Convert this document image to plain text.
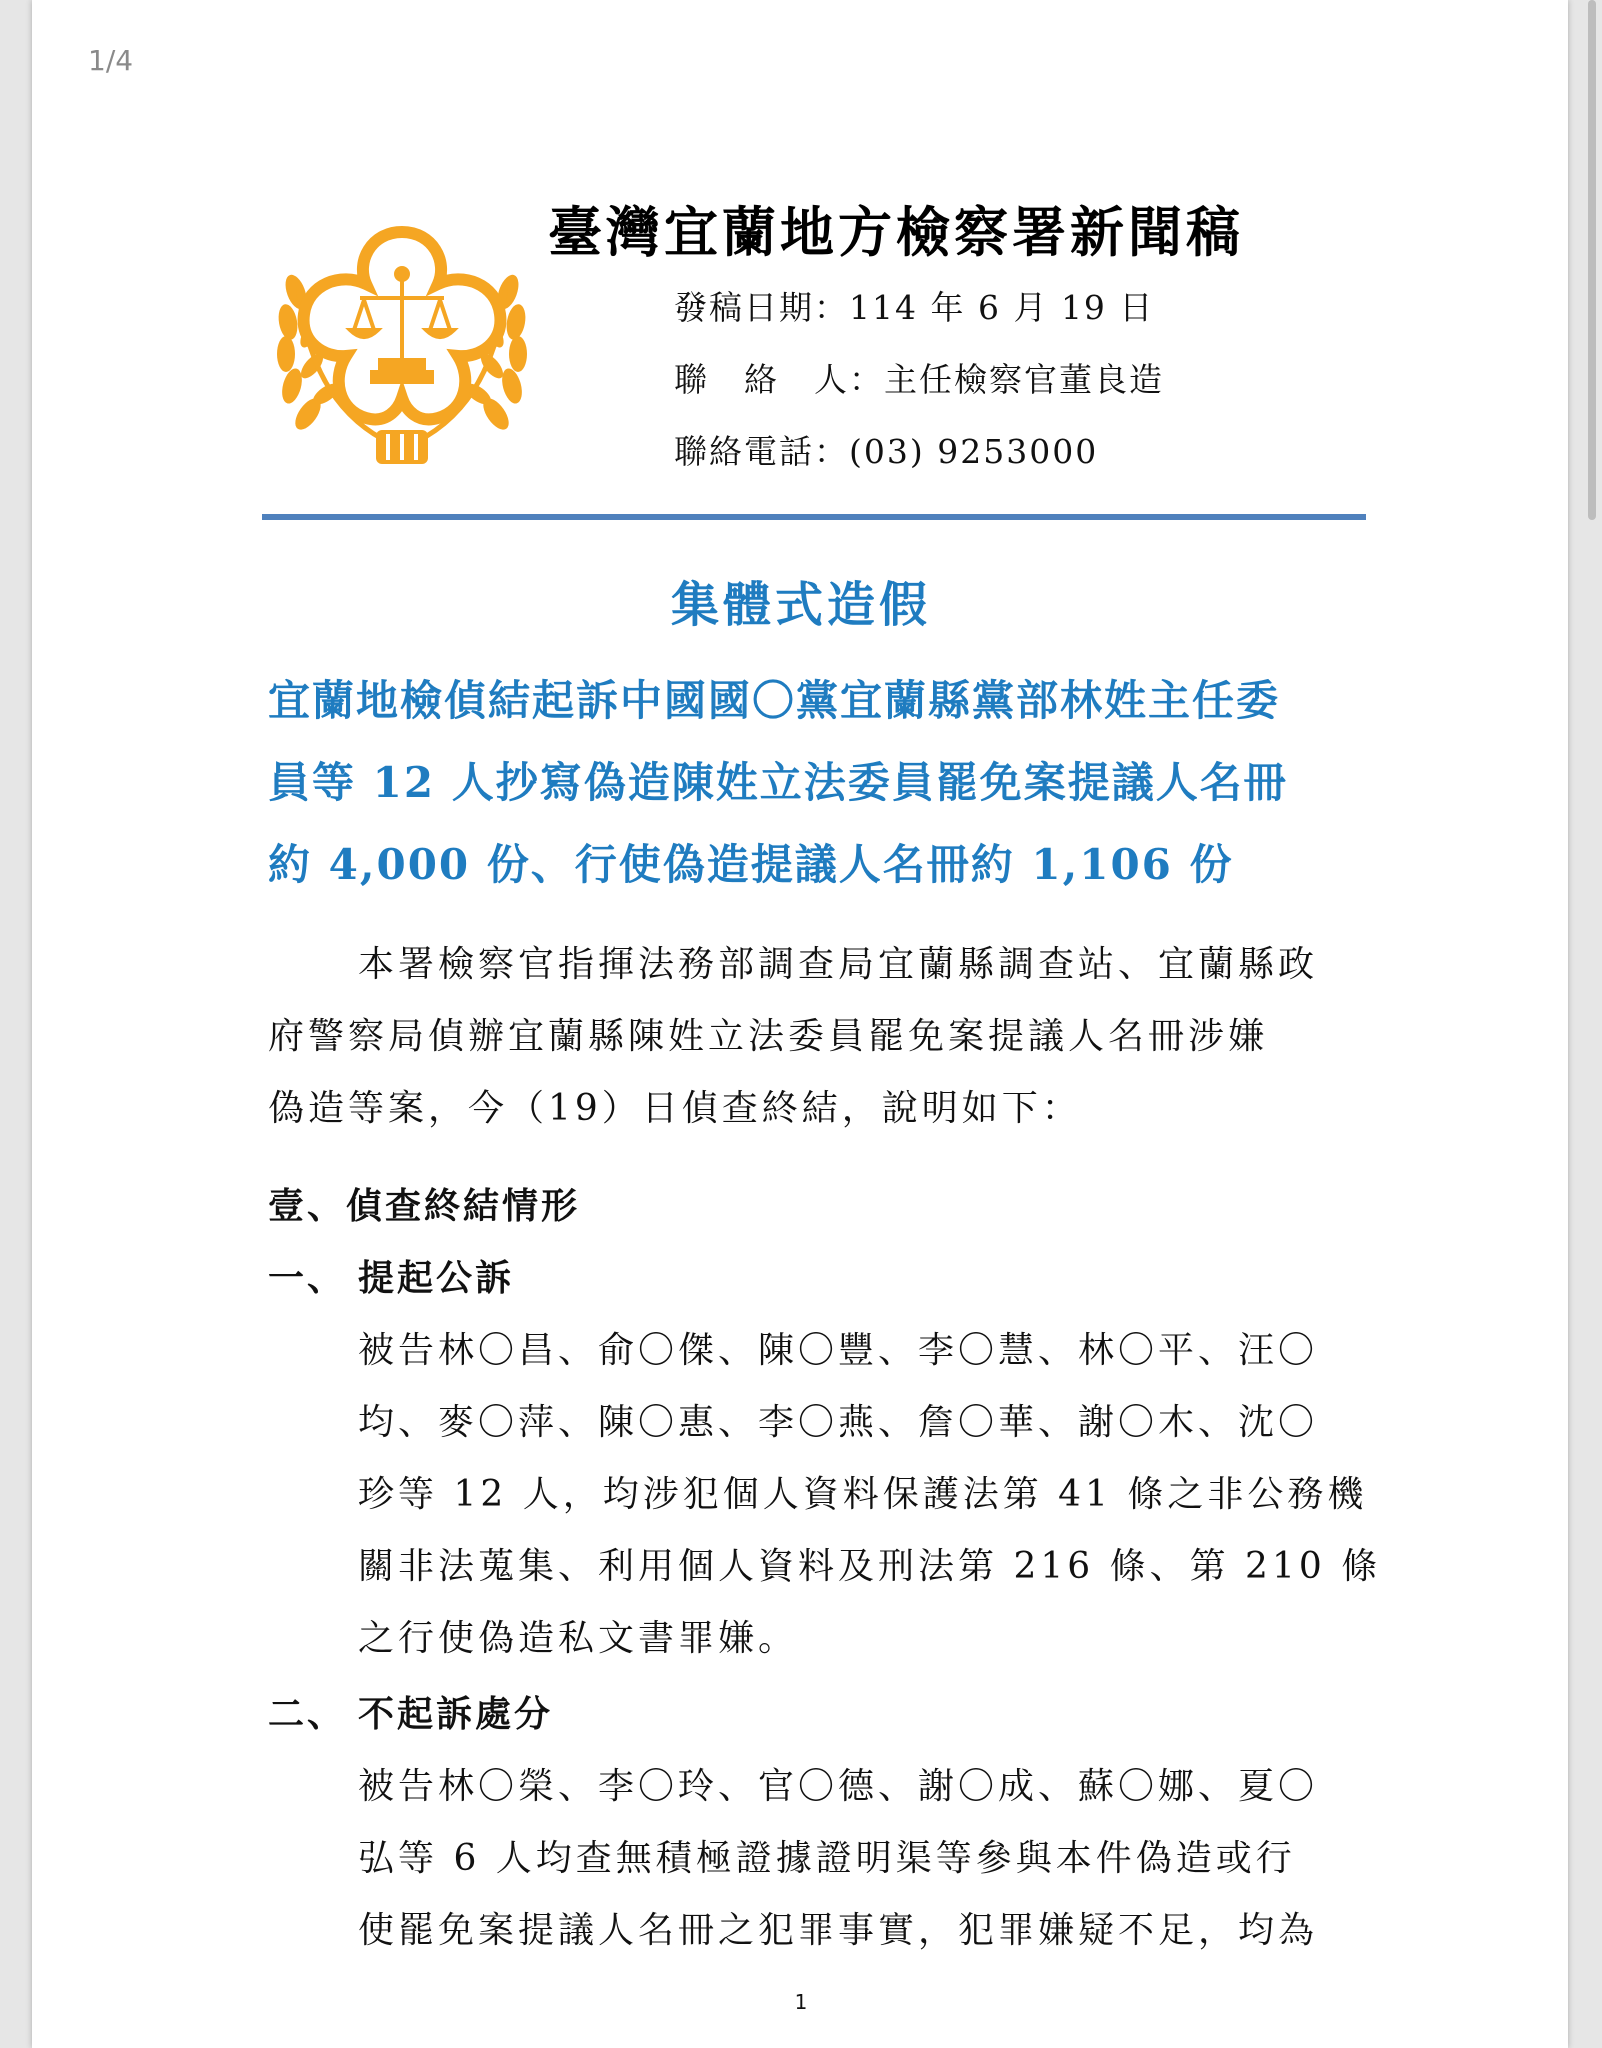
1/4
臺灣宜蘭地方檢察署新聞稿
發稿日期：114 年 6 月 19 日
聯　絡　人：主任檢察官董良造
聯絡電話：(03) 9253000
集體式造假
宜蘭地檢偵結起訴中國國〇黨宜蘭縣黨部林姓主任委
員等 12 人抄寫偽造陳姓立法委員罷免案提議人名冊
約 4,000 份、行使偽造提議人名冊約 1,106 份
本署檢察官指揮法務部調查局宜蘭縣調查站、宜蘭縣政
府警察局偵辦宜蘭縣陳姓立法委員罷免案提議人名冊涉嫌
偽造等案，今（19）日偵查終結，說明如下：
壹、偵查終結情形
一、 提起公訴
被告林〇昌、俞〇傑、陳〇豐、李〇慧、林〇平、汪〇
均、麥〇萍、陳〇惠、李〇燕、詹〇華、謝〇木、沈〇
珍等 12 人，均涉犯個人資料保護法第 41 條之非公務機
關非法蒐集、利用個人資料及刑法第 216 條、第 210 條
之行使偽造私文書罪嫌。
二、 不起訴處分
被告林〇榮、李〇玲、官〇德、謝〇成、蘇〇娜、夏〇
弘等 6 人均查無積極證據證明渠等參與本件偽造或行
使罷免案提議人名冊之犯罪事實，犯罪嫌疑不足，均為
1
